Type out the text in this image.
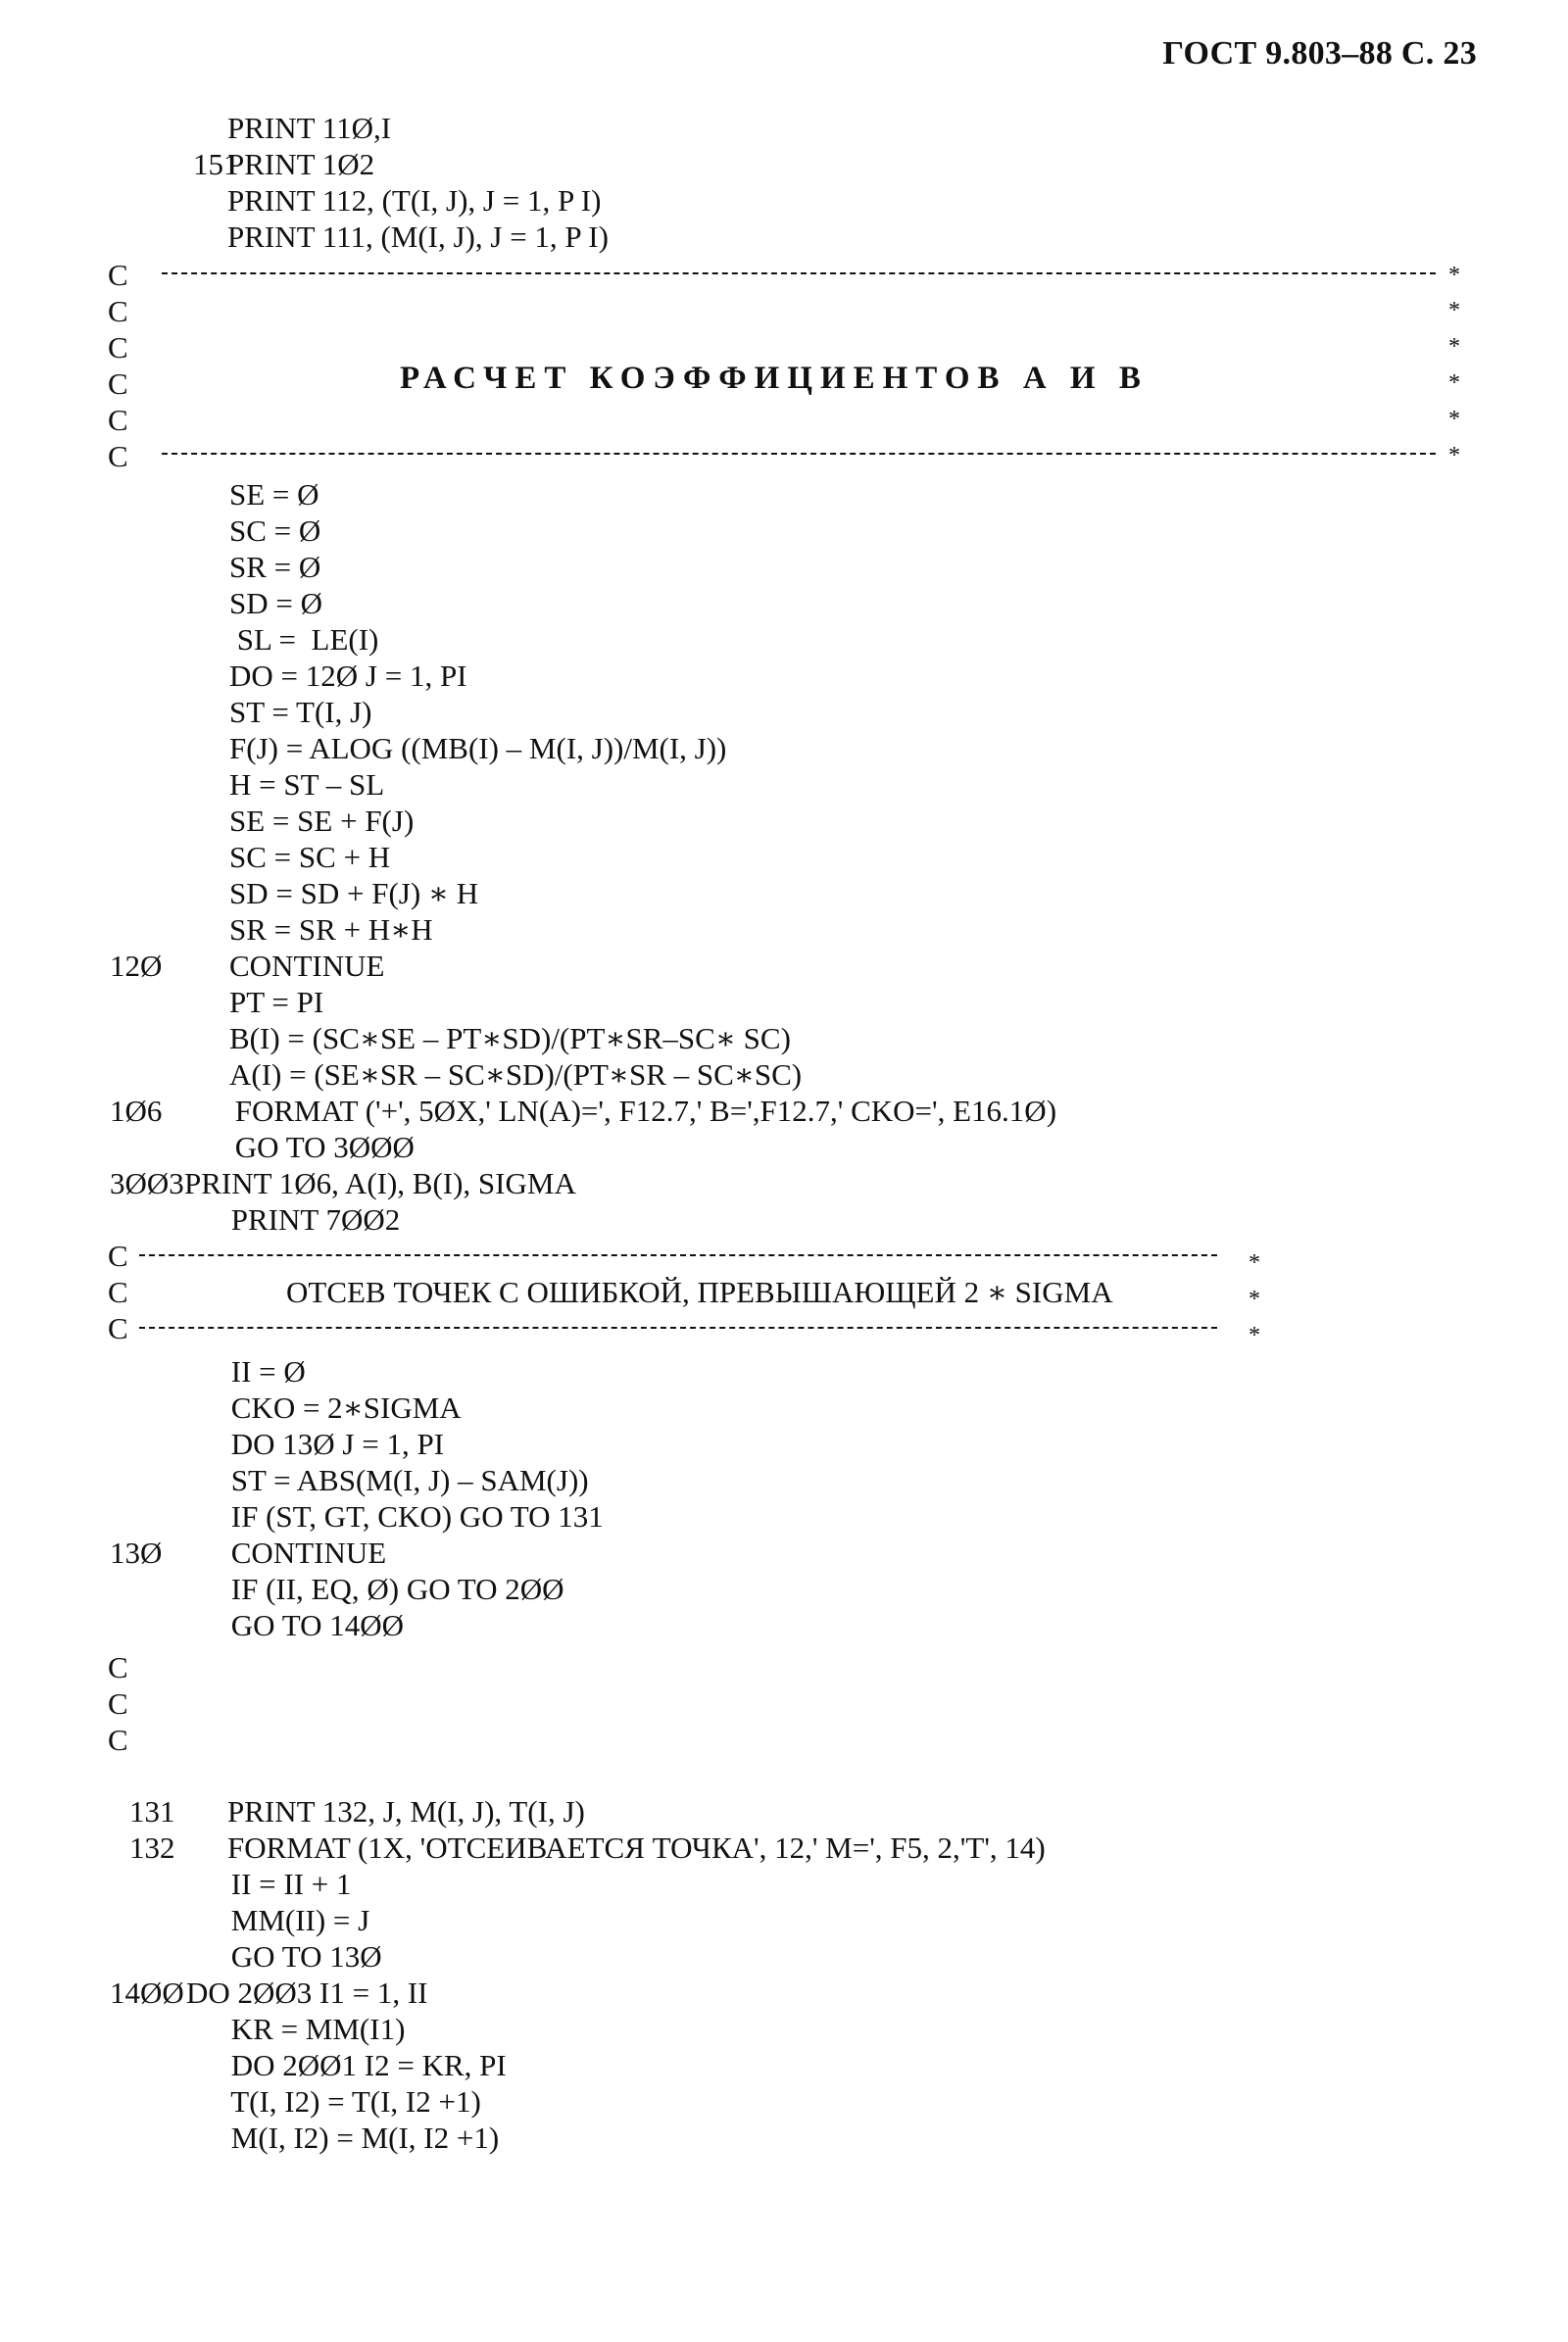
ГОСТ 9.803–88 С. 23

151

PRINT 11Ø,I
PRINT 1Ø2
PRINT 112, (T(I, J), J = 1, P I)
PRINT 111, (M(I, J), J = 1, P I)
C
C
C
C
C
C
*
*
*
*
*
*
РАСЧЕТ КОЭФФИЦИЕНТОВ А И В
SE = Ø
SC = Ø
SR = Ø
SD = Ø
SL =  LE(I)
DO = 12Ø J = 1, PI
ST = T(I, J)
F(J) = ALOG ((MB(I) – M(I, J))/M(I, J))
H = ST – SL
SE = SE + F(J)
SC = SC + H
SD = SD + F(J) ∗ H
SR = SR + H∗H
12Ø CONTINUE
PT = PI
B(I) = (SC∗SE – PT∗SD)/(PT∗SR–SC∗ SC)
A(I) = (SE∗SR – SC∗SD)/(PT∗SR – SC∗SC)
1Ø6 FORMAT ('+', 5ØX,' LN(A)=', F12.7,' B=',F12.7,' CKO=', E16.1Ø)
GO TO 3ØØØ
3ØØ3 PRINT 1Ø6, A(I), B(I), SIGMA
PRINT 7ØØ2
C
C
C
*
*
*
ОТСЕВ ТОЧЕК С ОШИБКОЙ, ПРЕВЫШАЮЩЕЙ 2 ∗ SIGMA
II = Ø
CKO = 2∗SIGMA
DO 13Ø J = 1, PI
ST = ABS(M(I, J) – SAM(J))
IF (ST, GT, CKO) GO TO 131
13Ø CONTINUE
IF (II, EQ, Ø) GO TO 2ØØ
GO TO 14ØØ
C
C
C
131 PRINT 132, J, M(I, J), T(I, J)
132 FORMAT (1X, 'ОТСЕИВАЕТСЯ ТОЧКА', 12,' M=', F5, 2,'T', 14)
II = II + 1
MM(II) = J
GO TO 13Ø
14ØØ DO 2ØØ3 I1 = 1, II
KR = MM(I1)
DO 2ØØ1 I2 = KR, PI
T(I, I2) = T(I, I2 +1)
M(I, I2) = M(I, I2 +1)
